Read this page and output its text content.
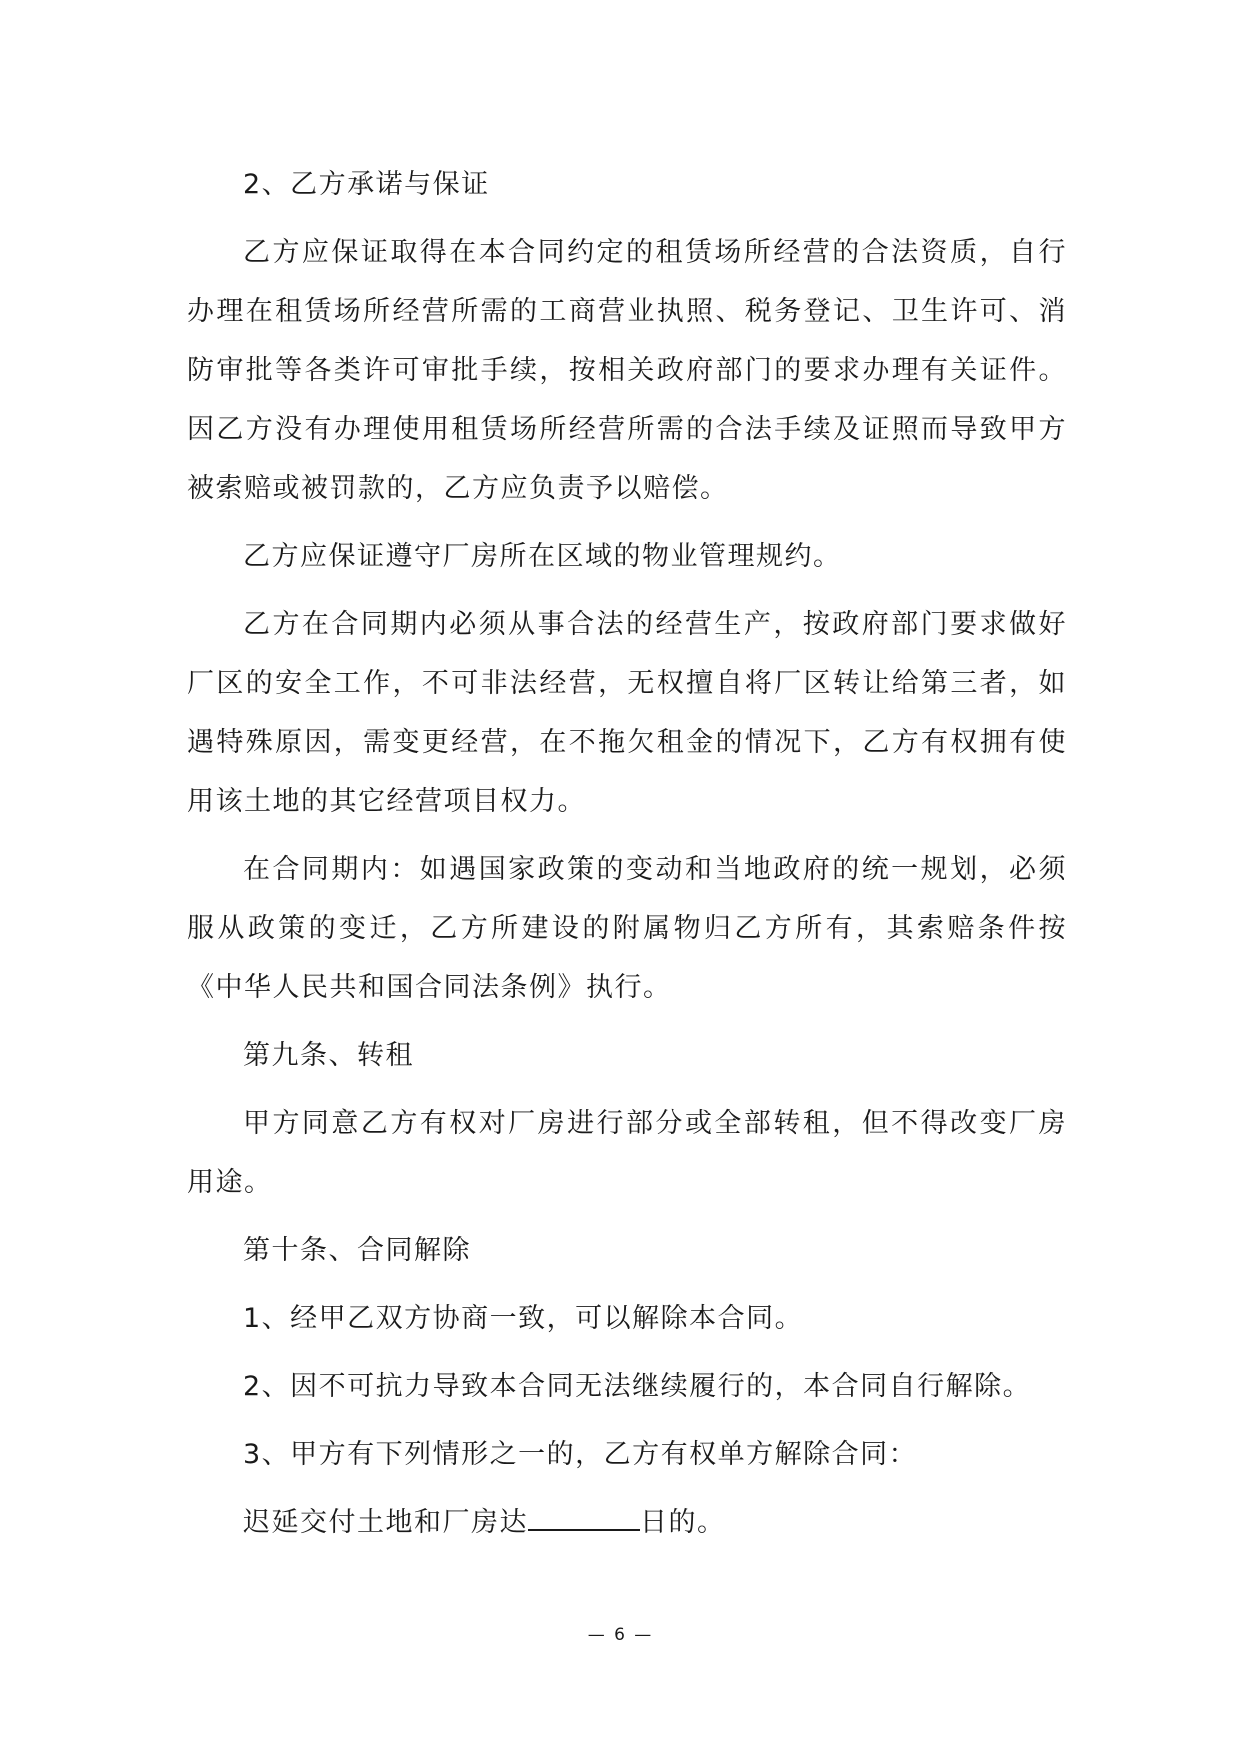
2、乙方承诺与保证

乙方应保证取得在本合同约定的租赁场所经营的合法资质，自行办理在租赁场所经营所需的工商营业执照、税务登记、卫生许可、消防审批等各类许可审批手续，按相关政府部门的要求办理有关证件。因乙方没有办理使用租赁场所经营所需的合法手续及证照而导致甲方被索赔或被罚款的，乙方应负责予以赔偿。

乙方应保证遵守厂房所在区域的物业管理规约。

乙方在合同期内必须从事合法的经营生产，按政府部门要求做好厂区的安全工作，不可非法经营，无权擅自将厂区转让给第三者，如遇特殊原因，需变更经营，在不拖欠租金的情况下，乙方有权拥有使用该土地的其它经营项目权力。

在合同期内：如遇国家政策的变动和当地政府的统一规划，必须服从政策的变迁，乙方所建设的附属物归乙方所有，其索赔条件按《中华人民共和国合同法条例》执行。

第九条、转租

甲方同意乙方有权对厂房进行部分或全部转租，但不得改变厂房用途。

第十条、合同解除

1、经甲乙双方协商一致，可以解除本合同。

2、因不可抗力导致本合同无法继续履行的，本合同自行解除。

3、甲方有下列情形之一的，乙方有权单方解除合同：

迟延交付土地和厂房达	日的。

— 6 —
